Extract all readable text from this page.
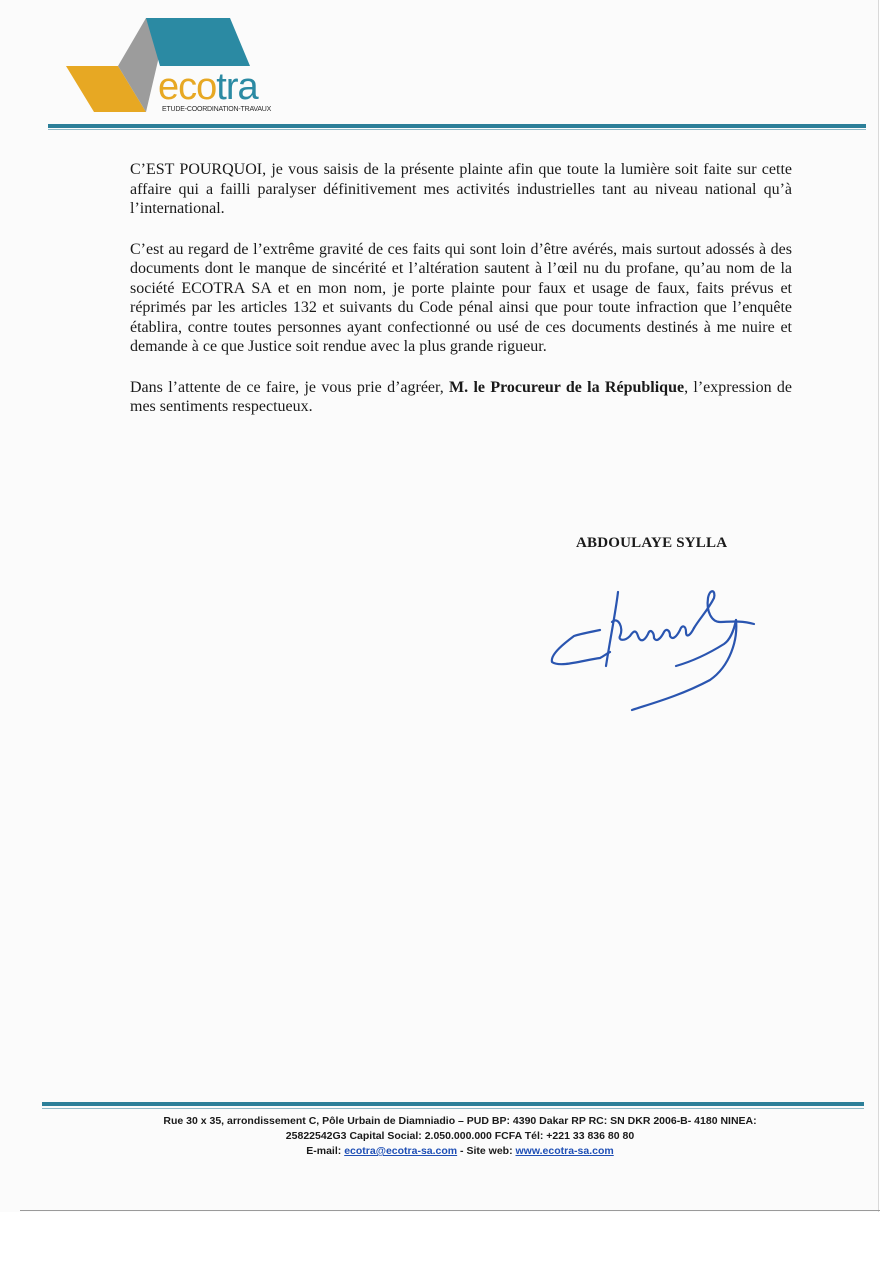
ecotra
ETUDE-COORDINATION-TRAVAUX

C’EST POURQUOI, je vous saisis de la présente plainte afin que toute la lumière soit faite sur cette affaire qui a failli paralyser définitivement mes activités industrielles tant au niveau national qu’à l’international.

C’est au regard de l’extrême gravité de ces faits qui sont loin d’être avérés, mais surtout adossés à des documents dont le manque de sincérité et l’altération sautent à l’œil nu du profane, qu’au nom de la société ECOTRA SA et en mon nom, je porte plainte pour faux et usage de faux, faits prévus et réprimés par les articles 132 et suivants du Code pénal ainsi que pour toute infraction que l’enquête établira, contre toutes personnes ayant confectionné ou usé de ces documents destinés à me nuire et demande à ce que Justice soit rendue avec la plus grande rigueur.

Dans l’attente de ce faire, je vous prie d’agréer, M. le Procureur de la République, l’expression de mes sentiments respectueux.

ABDOULAYE SYLLA
Rue 30 x 35, arrondissement C, Pôle Urbain de Diamniadio – PUD BP: 4390 Dakar RP RC: SN DKR 2006-B- 4180 NINEA:
25822542G3 Capital Social: 2.050.000.000 FCFA Tél: +221 33 836 80 80
E-mail: ecotra@ecotra-sa.com - Site web: www.ecotra-sa.com
